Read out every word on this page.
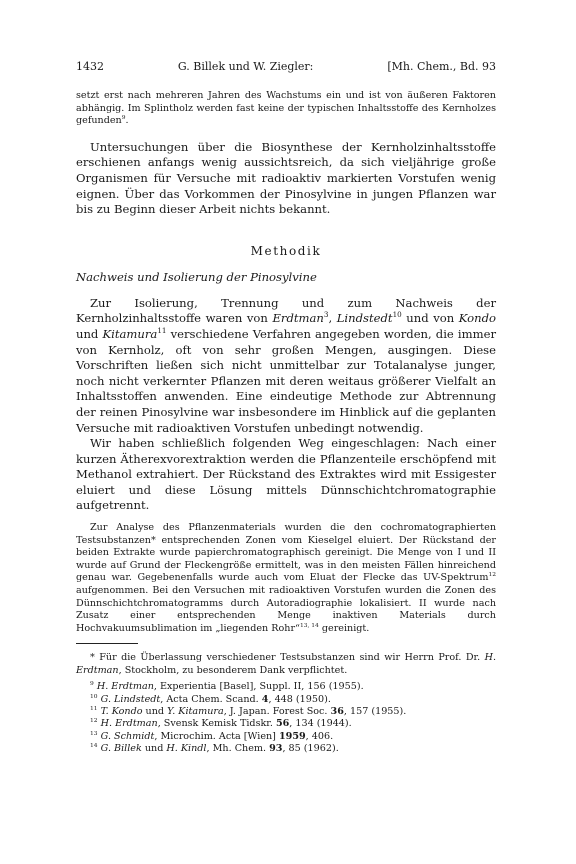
1432	G. Billek und W. Ziegler:	[Mh. Chem., Bd. 93

setzt erst nach mehreren Jahren des Wachstums ein und ist von äußeren Faktoren abhängig. Im Splintholz werden fast keine der typischen Inhaltsstoffe des Kernholzes gefunden$^9$.

Untersuchungen über die Biosynthese der Kernholzinhaltsstoffe erschienen anfangs wenig aussichtsreich, da sich vieljährige große Organismen für Versuche mit radioaktiv markierten Vorstufen wenig eignen. Über das Vorkommen der Pinosylvine in jungen Pflanzen war bis zu Beginn dieser Arbeit nichts bekannt.

Methodik
Nachweis und Isolierung der Pinosylvine

Zur Isolierung, Trennung und zum Nachweis der Kernholzinhaltsstoffe waren von Erdtman$^3$, Lindstedt$^{10}$ und von Kondo und Kitamura$^{11}$ verschiedene Verfahren angegeben worden, die immer von Kernholz, oft von sehr großen Mengen, ausgingen. Diese Vorschriften ließen sich nicht unmittelbar zur Totalanalyse junger, noch nicht verkernter Pflanzen mit deren weitaus größerer Vielfalt an Inhaltsstoffen anwenden. Eine eindeutige Methode zur Abtrennung der reinen Pinosylvine war insbesondere im Hinblick auf die geplanten Versuche mit radioaktiven Vorstufen unbedingt notwendig.

Wir haben schließlich folgenden Weg eingeschlagen: Nach einer kurzen Ätherexvorextraktion werden die Pflanzenteile erschöpfend mit Methanol extrahiert. Der Rückstand des Extraktes wird mit Essigester eluiert und diese Lösung mittels Dünnschichtchromatographie aufgetrennt.

Zur Analyse des Pflanzenmaterials wurden die den cochromatographierten Testsubstanzen* entsprechenden Zonen vom Kieselgel eluiert. Der Rückstand der beiden Extrakte wurde papierchromatographisch gereinigt. Die Menge von I und II wurde auf Grund der Fleckengröße ermittelt, was in den meisten Fällen hinreichend genau war. Gegebenenfalls wurde auch vom Eluat der Flecke das UV-Spektrum$^{12}$ aufgenommen. Bei den Versuchen mit radioaktiven Vorstufen wurden die Zonen des Dünnschichtchromatogramms durch Autoradiographie lokalisiert. II wurde nach Zusatz einer entsprechenden Menge inaktiven Materials durch Hochvakuumsublimation im „liegenden Rohr“$^{13, 14}$ gereinigt.

* Für die Überlassung verschiedener Testsubstanzen sind wir Herrn Prof. Dr. H. Erdtman, Stockholm, zu besonderem Dank verpflichtet.

$^9$ H. Erdtman, Experientia [Basel], Suppl. II, 156 (1955).

$^{10}$ G. Lindstedt, Acta Chem. Scand. 4, 448 (1950).

$^{11}$ T. Kondo und Y. Kitamura, J. Japan. Forest Soc. 36, 157 (1955).

$^{12}$ H. Erdtman, Svensk Kemisk Tidskr. 56, 134 (1944).

$^{13}$ G. Schmidt, Microchim. Acta [Wien] 1959, 406.

$^{14}$ G. Billek und H. Kindl, Mh. Chem. 93, 85 (1962).
